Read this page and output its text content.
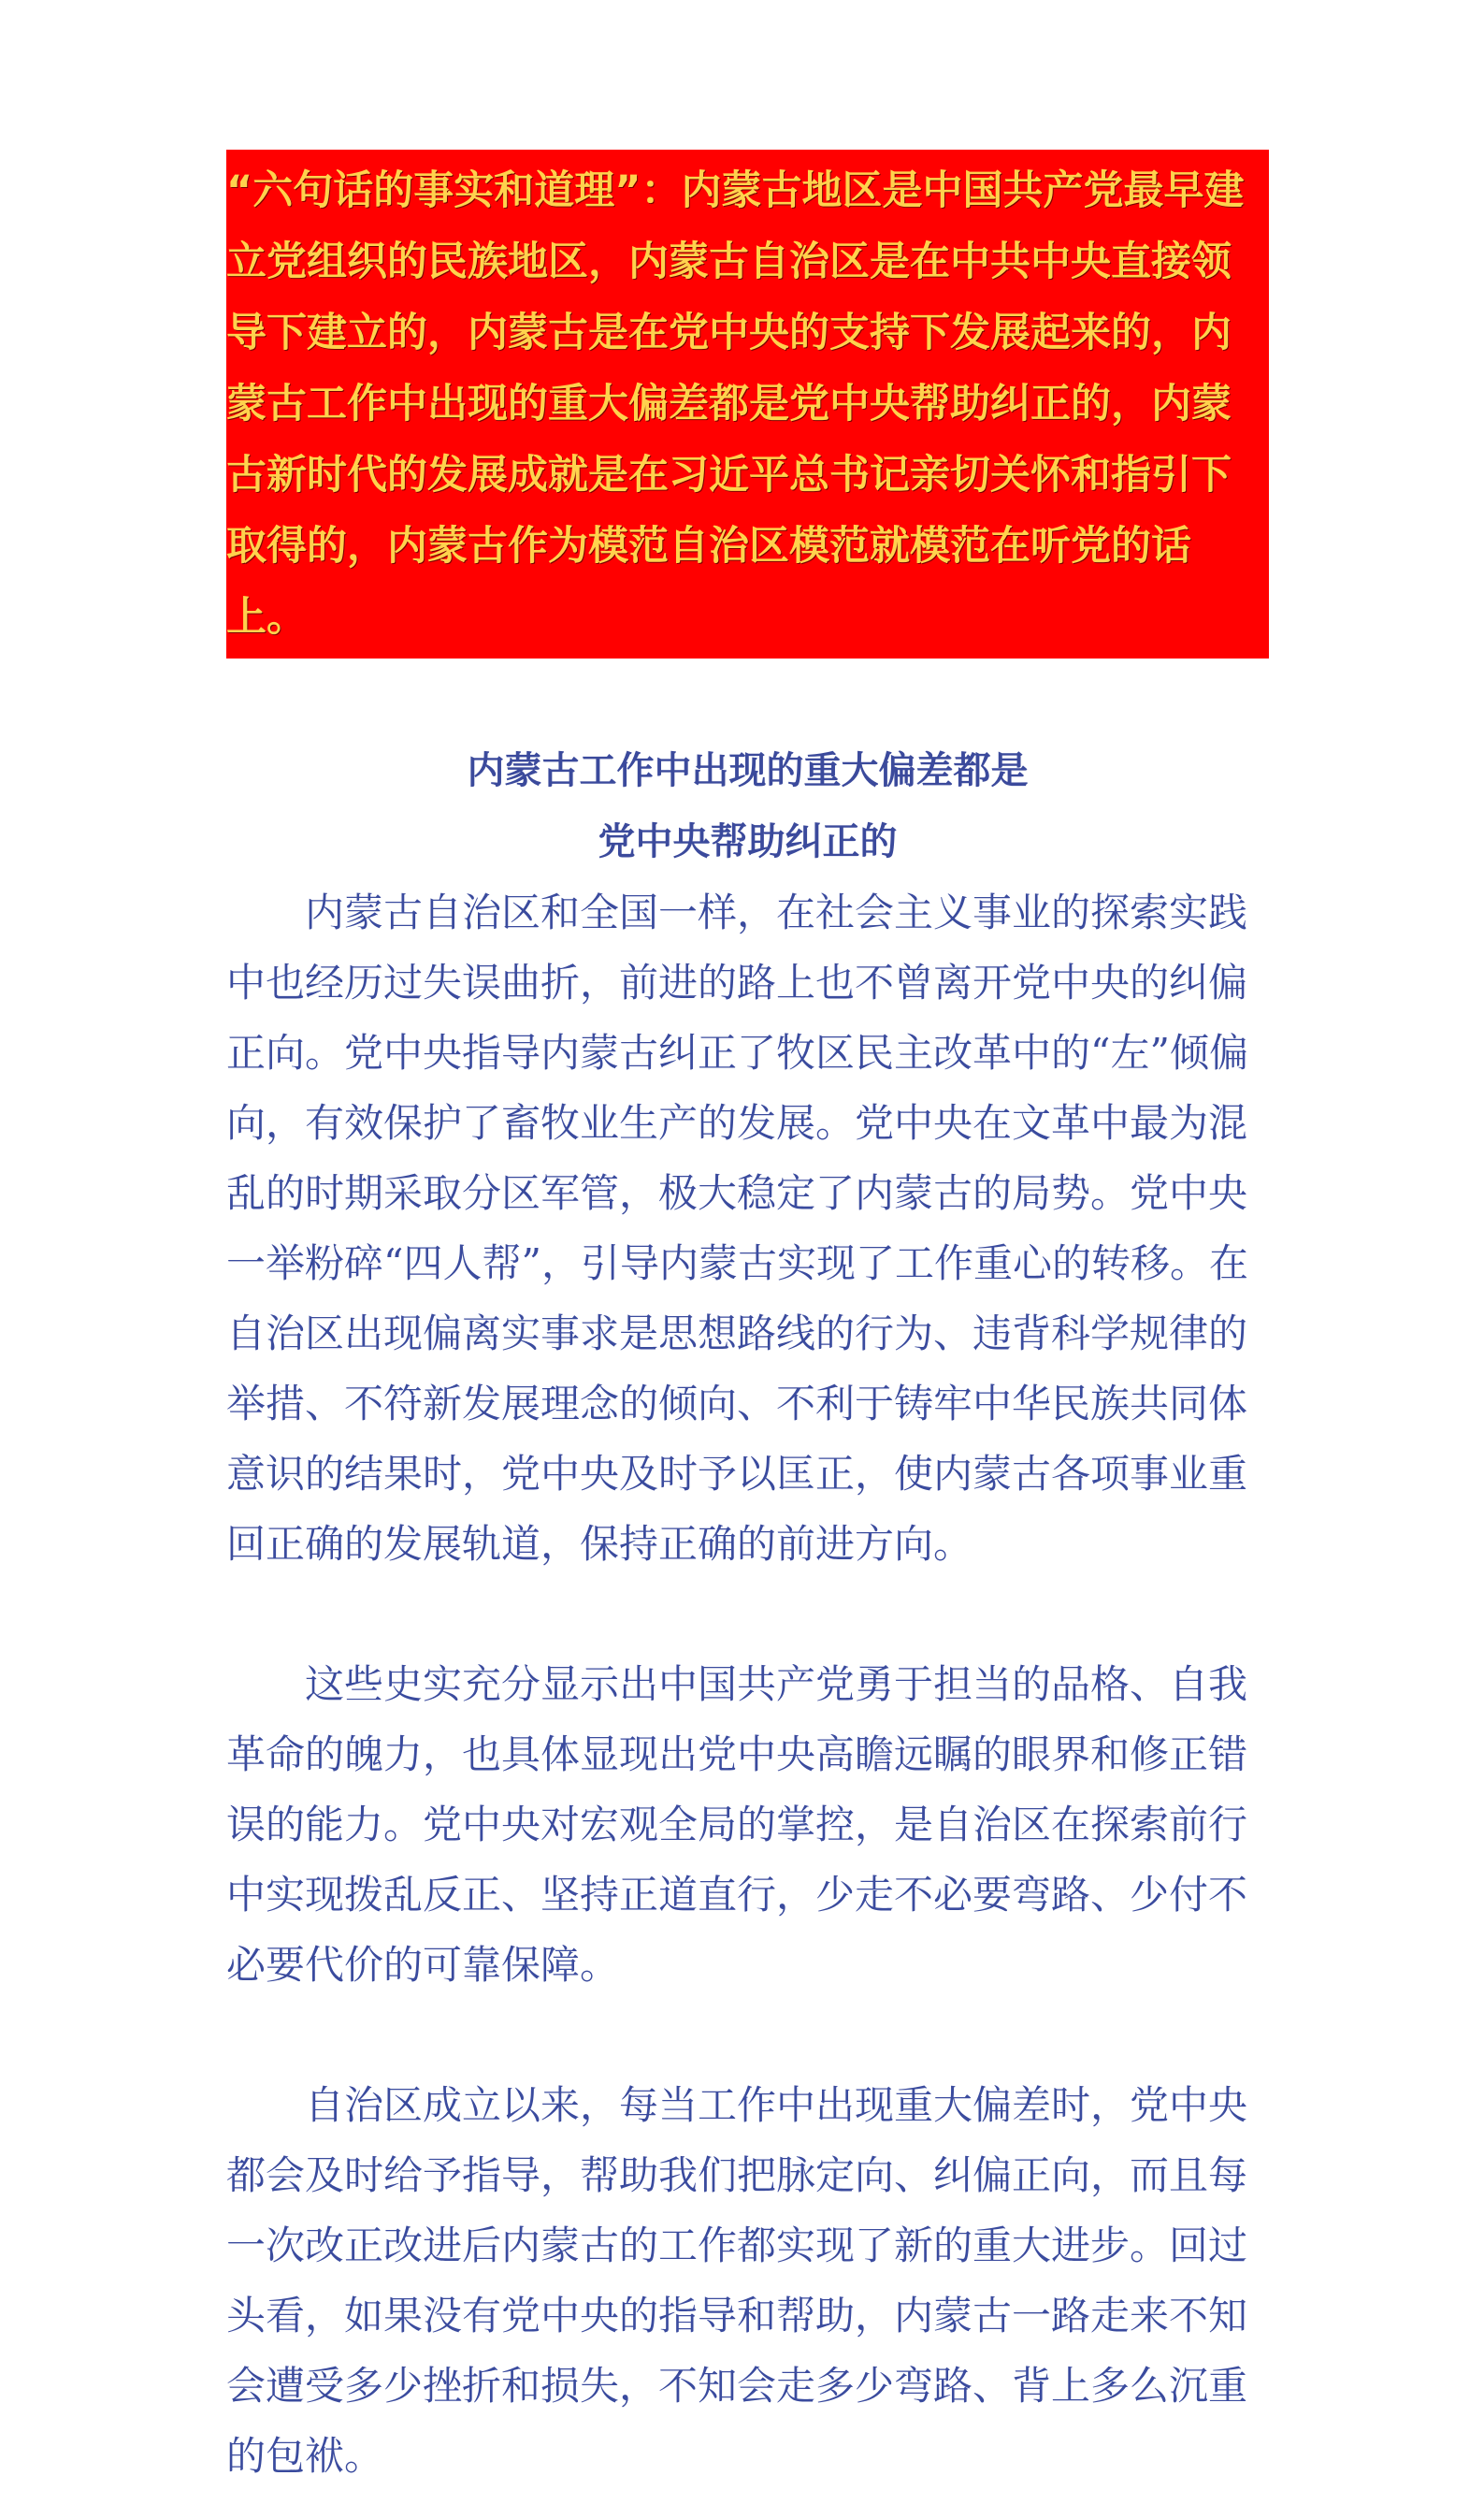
“六句话的事实和道理”：内蒙古地区是中国共产党最早建立党组织的民族地区，内蒙古自治区是在中共中央直接领导下建立的，内蒙古是在党中央的支持下发展起来的，内蒙古工作中出现的重大偏差都是党中央帮助纠正的，内蒙古新时代的发展成就是在习近平总书记亲切关怀和指引下取得的，内蒙古作为模范自治区模范就模范在听党的话上。

内蒙古工作中出现的重大偏差都是
党中央帮助纠正的

内蒙古自治区和全国一样，在社会主义事业的探索实践中也经历过失误曲折，前进的路上也不曾离开党中央的纠偏正向。党中央指导内蒙古纠正了牧区民主改革中的“左”倾偏向，有效保护了畜牧业生产的发展。党中央在文革中最为混乱的时期采取分区军管，极大稳定了内蒙古的局势。党中央一举粉碎“四人帮”，引导内蒙古实现了工作重心的转移。在自治区出现偏离实事求是思想路线的行为、违背科学规律的举措、不符新发展理念的倾向、不利于铸牢中华民族共同体意识的结果时，党中央及时予以匡正，使内蒙古各项事业重回正确的发展轨道，保持正确的前进方向。

这些史实充分显示出中国共产党勇于担当的品格、自我革命的魄力，也具体显现出党中央高瞻远瞩的眼界和修正错误的能力。党中央对宏观全局的掌控，是自治区在探索前行中实现拨乱反正、坚持正道直行，少走不必要弯路、少付不必要代价的可靠保障。

自治区成立以来，每当工作中出现重大偏差时，党中央都会及时给予指导，帮助我们把脉定向、纠偏正向，而且每一次改正改进后内蒙古的工作都实现了新的重大进步。回过头看，如果没有党中央的指导和帮助，内蒙古一路走来不知会遭受多少挫折和损失，不知会走多少弯路、背上多么沉重的包袱。
